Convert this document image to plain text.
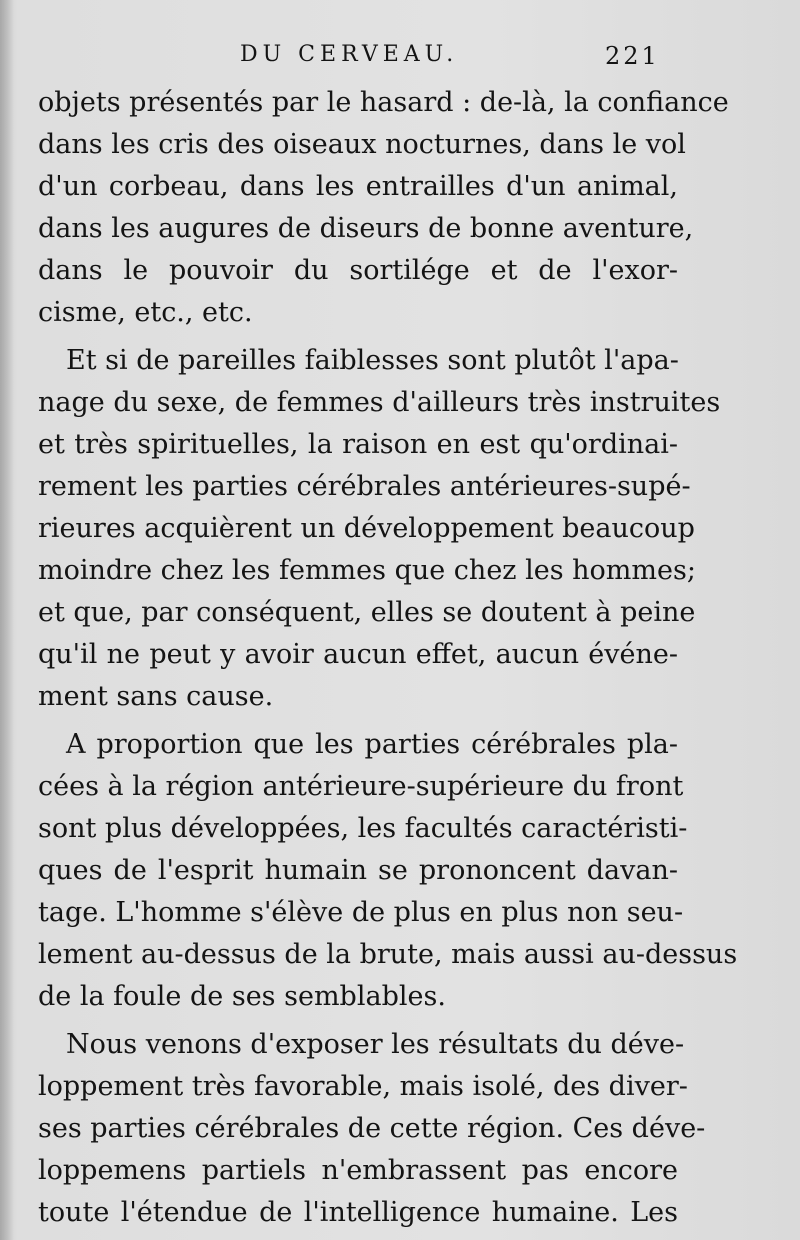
DU CERVEAU.	221

objets présentés par le hasard : de-là, la confiance
dans les cris des oiseaux nocturnes, dans le vol
d'un corbeau, dans les entrailles d'un animal,
dans les augures de diseurs de bonne aventure,
dans le pouvoir du sortilége et de l'exor-
cisme, etc., etc.

Et si de pareilles faiblesses sont plutôt l'apa-
nage du sexe, de femmes d'ailleurs très instruites
et très spirituelles, la raison en est qu'ordinai-
rement les parties cérébrales antérieures-supé-
rieures acquièrent un développement beaucoup
moindre chez les femmes que chez les hommes;
et que, par conséquent, elles se doutent à peine
qu'il ne peut y avoir aucun effet, aucun événe-
ment sans cause.

A proportion que les parties cérébrales pla-
cées à la région antérieure-supérieure du front
sont plus développées, les facultés caractéristi-
ques de l'esprit humain se prononcent davan-
tage. L'homme s'élève de plus en plus non seu-
lement au-dessus de la brute, mais aussi au-dessus
de la foule de ses semblables.

Nous venons d'exposer les résultats du déve-
loppement très favorable, mais isolé, des diver-
ses parties cérébrales de cette région. Ces déve-
loppemens partiels n'embrassent pas encore
toute l'étendue de l'intelligence humaine. Les
